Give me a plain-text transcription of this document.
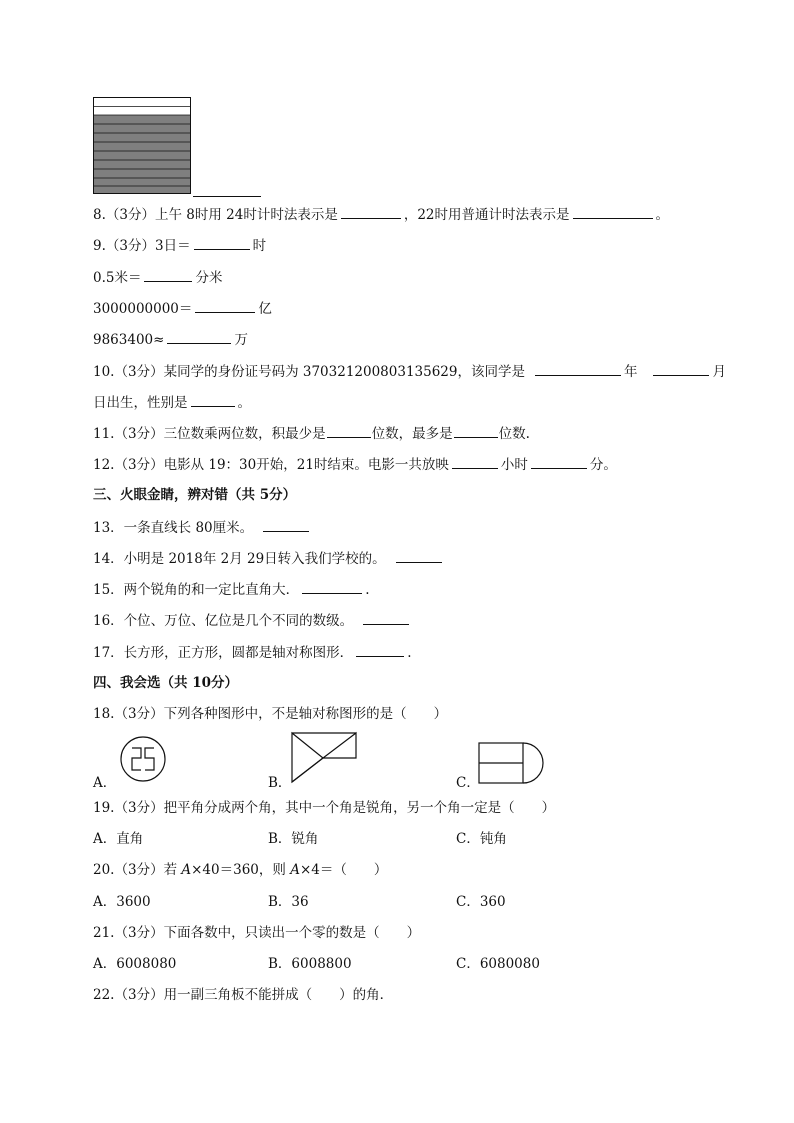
8.（3分）上午 8时用 24时计时法表示是	，22时用普通计时法表示是	。
9.（3分）3日＝	时
0.5米＝	分米
3000000000＝	亿
9863400≈	万
10.（3分）某同学的身份证号码为 370321200803135629，该同学是	年	月
日出生，性别是	。
11.（3分）三位数乘两位数，积最少是	位数，最多是	位数.
12.（3分）电影从 19：30开始，21时结束。电影一共放映	小时	分。
三、火眼金睛，辨对错（共 5分）
13．一条直线长 80厘米。
14．小明是 2018年 2月 29日转入我们学校的。
15．两个锐角的和一定比直角大．	.
16．个位、万位、亿位是几个不同的数级。
17．长方形，正方形，圆都是轴对称图形．	.
四、我会选（共 10分）
18.（3分）下列各种图形中，不是轴对称图形的是（　　）
A．	B．	C．
19.（3分）把平角分成两个角，其中一个角是锐角，另一个角一定是（　　）
A．直角	B．锐角	C．钝角
20.（3分）若 A×40＝360，则 A×4＝（　　）
A．3600	B．36	C．360
21.（3分）下面各数中，只读出一个零的数是（　　）
A．6008080	B．6008800	C．6080080
22.（3分）用一副三角板不能拼成（　　）的角．
